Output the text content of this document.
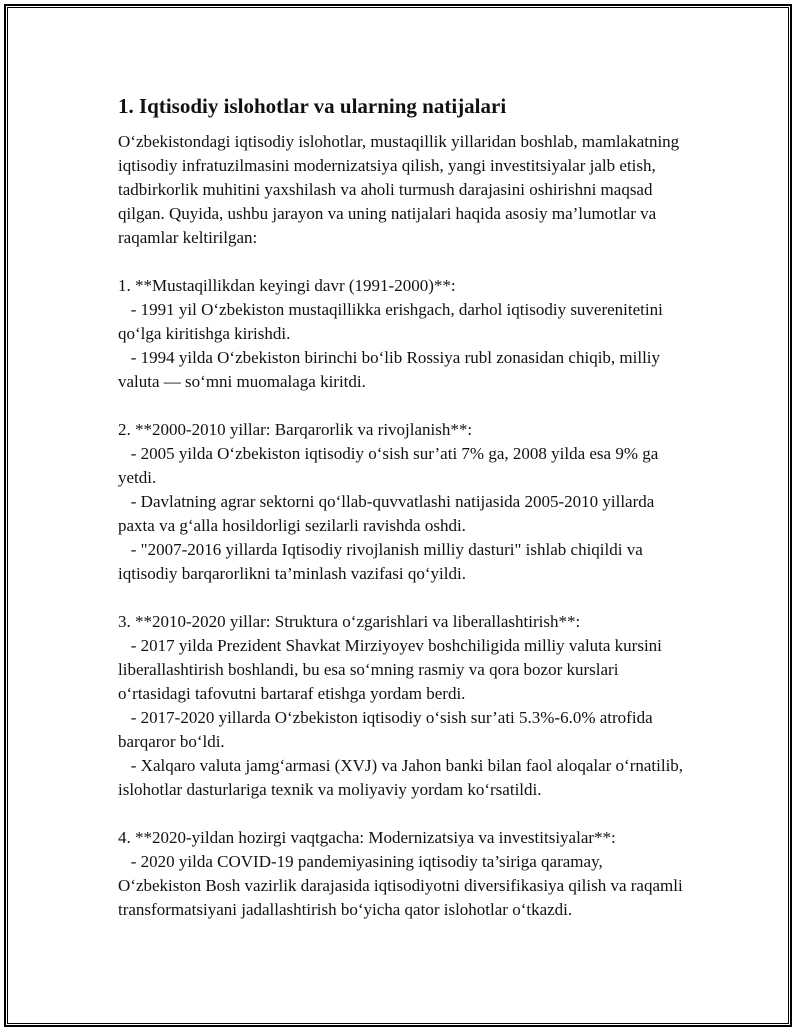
1. Iqtisodiy islohotlar va ularning natijalari

O‘zbekistondagi iqtisodiy islohotlar, mustaqillik yillaridan boshlab, mamlakatning iqtisodiy infratuzilmasini modernizatsiya qilish, yangi investitsiyalar jalb etish, tadbirkorlik muhitini yaxshilash va aholi turmush darajasini oshirishni maqsad qilgan. Quyida, ushbu jarayon va uning natijalari haqida asosiy ma’lumotlar va raqamlar keltirilgan:

1. **Mustaqillikdan keyingi davr (1991-2000)**:

- 1991 yil O‘zbekiston mustaqillikka erishgach, darhol iqtisodiy suverenitetini qo‘lga kiritishga kirishdi.

- 1994 yilda O‘zbekiston birinchi bo‘lib Rossiya rubl zonasidan chiqib, milliy valuta — so‘mni muomalaga kiritdi.

2. **2000-2010 yillar: Barqarorlik va rivojlanish**:

- 2005 yilda O‘zbekiston iqtisodiy o‘sish sur’ati 7% ga, 2008 yilda esa 9% ga yetdi.

- Davlatning agrar sektorni qo‘llab-quvvatlashi natijasida 2005-2010 yillarda paxta va g‘alla hosildorligi sezilarli ravishda oshdi.

- "2007-2016 yillarda Iqtisodiy rivojlanish milliy dasturi" ishlab chiqildi va iqtisodiy barqarorlikni ta’minlash vazifasi qo‘yildi.

3. **2010-2020 yillar: Struktura o‘zgarishlari va liberallashtirish**:

- 2017 yilda Prezident Shavkat Mirziyoyev boshchiligida milliy valuta kursini liberallashtirish boshlandi, bu esa so‘mning rasmiy va qora bozor kurslari o‘rtasidagi tafovutni bartaraf etishga yordam berdi.

- 2017-2020 yillarda O‘zbekiston iqtisodiy o‘sish sur’ati 5.3%-6.0% atrofida barqaror bo‘ldi.

- Xalqaro valuta jamg‘armasi (XVJ) va Jahon banki bilan faol aloqalar o‘rnatilib, islohotlar dasturlariga texnik va moliyaviy yordam ko‘rsatildi.

4. **2020-yildan hozirgi vaqtgacha: Modernizatsiya va investitsiyalar**:

- 2020 yilda COVID-19 pandemiyasining iqtisodiy ta’siriga qaramay, O‘zbekiston Bosh vazirlik darajasida iqtisodiyotni diversifikasiya qilish va raqamli transformatsiyani jadallashtirish bo‘yicha qator islohotlar o‘tkazdi.
